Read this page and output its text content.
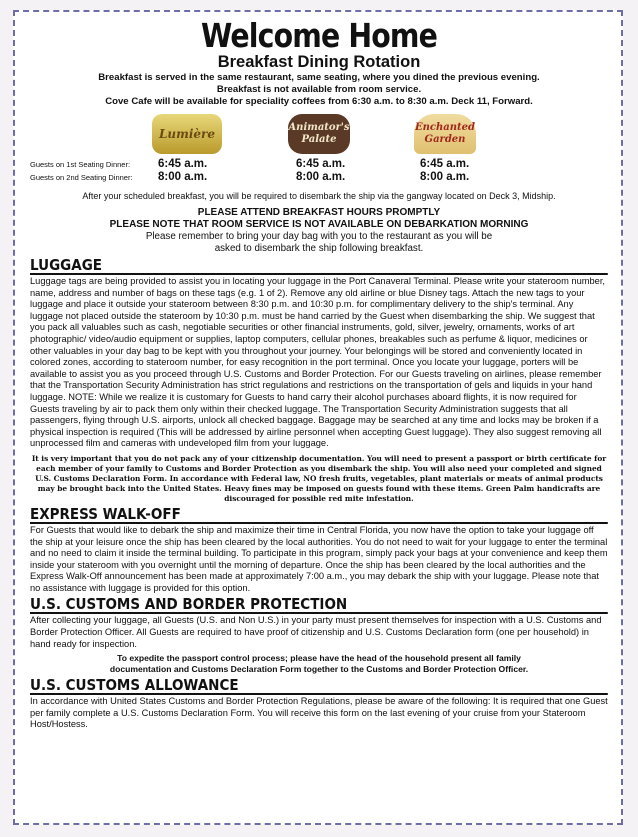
Welcome Home
Breakfast Dining Rotation
Breakfast is served in the same restaurant, same seating, where you dined the previous evening.
Breakfast is not available from room service.
Cove Cafe will be available for speciality coffees from 6:30 a.m. to 8:30 a.m. Deck 11, Forward.
Lumière	Animator's Palate
Enchanted Garden
Guests on 1st Seating Dinner: 6:45 a.m.	6:45 a.m.	6:45 a.m.
Guests on 2nd Seating Dinner: 8:00 a.m.	8:00 a.m.	8:00 a.m.
After your scheduled breakfast, you will be required to disembark the ship via the gangway located on Deck 3, Midship.
PLEASE ATTEND BREAKFAST HOURS PROMPTLY
PLEASE NOTE THAT ROOM SERVICE IS NOT AVAILABLE ON DEBARKATION MORNING
Please remember to bring your day bag with you to the restaurant as you will be
asked to disembark the ship following breakfast.
LUGGAGE

Luggage tags are being provided to assist you in locating your luggage in the Port Canaveral Terminal. Please write your stateroom number, name, address and number of bags on these tags (e.g. 1 of 2). Remove any old airline or blue Disney tags. Attach the new tags to your luggage and place it outside your stateroom between 8:30 p.m. and 10:30 p.m. for complimentary delivery to the ship's terminal. Any luggage not placed outside the stateroom by 10:30 p.m. must be hand carried by the Guest when disembarking the ship. We suggest that you pack all valuables such as cash, negotiable securities or other financial instruments, gold, silver, jewelry, ornaments, works of art photographic/ video/audio equipment or supplies, laptop computers, cellular phones, breakables such as perfume & liquor, medicines or other valuables in your day bag to be kept with you throughout your journey. Your belongings will be stored and conveniently located in colored zones, according to stateroom number, for easy recognition in the port terminal. Once you locate your luggage, porters will be available to assist you as you proceed through U.S. Customs and Border Protection. For our Guests traveling on airlines, please remember that the Transportation Security Administration has strict regulations and restrictions on the transportation of gels and liquids in your hand luggage. NOTE: While we realize it is customary for Guests to hand carry their alcohol purchases aboard flights, it is now required for Guests traveling by air to pack them only within their checked luggage. The Transportation Security Administration suggests that all passengers, flying through U.S. airports, unlock all checked baggage. Baggage may be searched at any time and locks may be broken if a physical inspection is required (This will be addressed by airline personnel when accepting Guest luggage). They also suggest removing all unprocessed film and cameras with undeveloped film from your luggage.

It is very important that you do not pack any of your citizenship documentation. You will need to present a passport or birth certificate for each member of your family to Customs and Border Protection as you disembark the ship. You will also need your completed and signed U.S. Customs Declaration Form. In accordance with Federal law, NO fresh fruits, vegetables, plant materials or meats of animal products may be brought back into the United States. Heavy fines may be imposed on guests found with these items. Green Palm handicrafts are discouraged for possible red mite infestation.

EXPRESS WALK-OFF

For Guests that would like to debark the ship and maximize their time in Central Florida, you now have the option to take your luggage off the ship at your leisure once the ship has been cleared by the local authorities. You do not need to wait for your luggage to enter the terminal and no need to claim it inside the terminal building. To participate in this program, simply pack your bags at your convenience and keep them inside your stateroom with you overnight until the morning of departure. Once the ship has been cleared by the local authorities and the Express Walk-Off announcement has been made at approximately 7:00 a.m., you may debark the ship with your luggage. Please note that no assistance with luggage is provided for this option.

U.S. CUSTOMS AND BORDER PROTECTION

After collecting your luggage, all Guests (U.S. and Non U.S.) in your party must present themselves for inspection with a U.S. Customs and Border Protection Officer. All Guests are required to have proof of citizenship and U.S. Customs Declaration form (one per household) in hand ready for inspection.

To expedite the passport control process; please have the head of the household present all family
documentation and Customs Declaration Form together to the Customs and Border Protection Officer.
U.S. CUSTOMS ALLOWANCE

In accordance with United States Customs and Border Protection Regulations, please be aware of the following: It is required that one Guest per family complete a U.S. Customs Declaration Form. You will receive this form on the last evening of your cruise from your Stateroom Host/Hostess.
